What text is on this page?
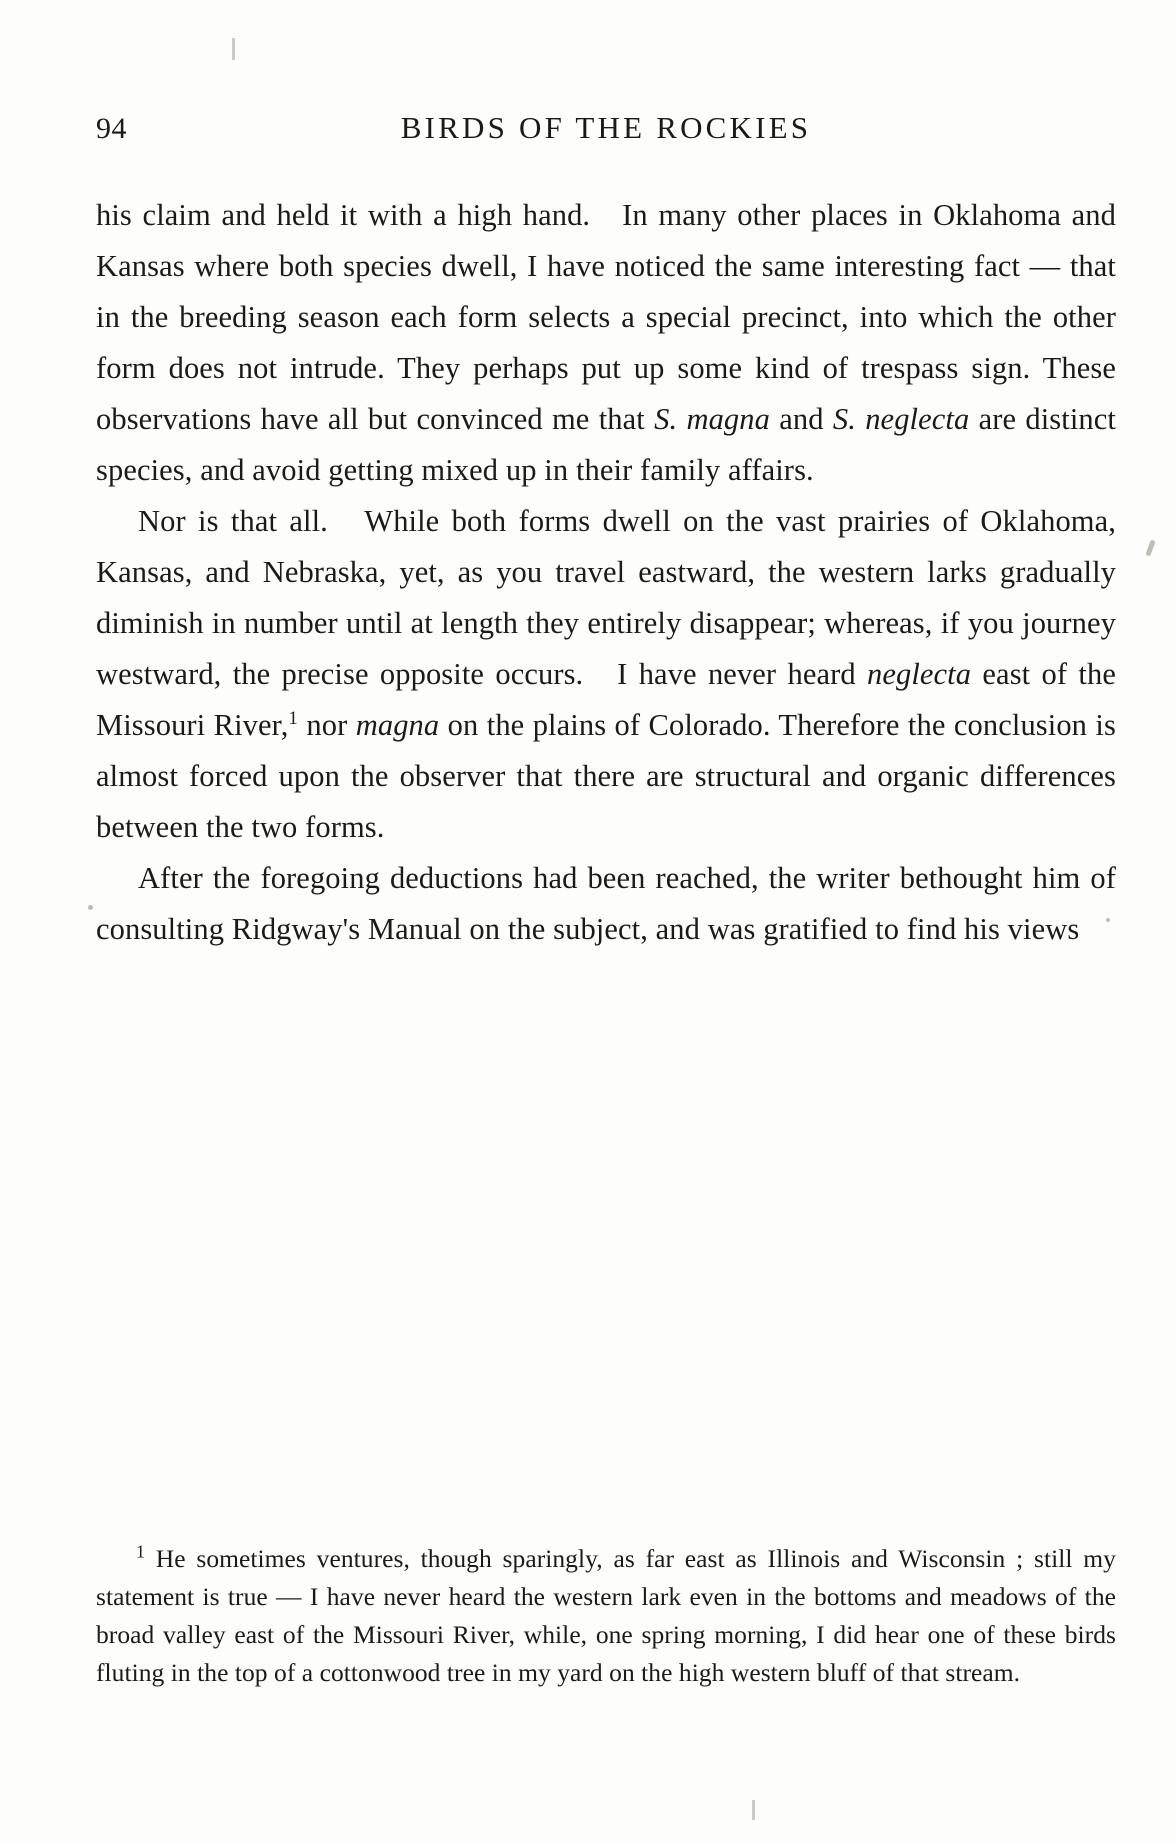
94	BIRDS OF THE ROCKIES

his claim and held it with a high hand.   In many other places in Oklahoma and Kansas where both species dwell, I have noticed the same interesting fact — that in the breeding season each form selects a special precinct, into which the other form does not intrude. They perhaps put up some kind of trespass sign. These observations have all but convinced me that S. magna and S. neglecta are distinct species, and avoid getting mixed up in their family affairs.

Nor is that all.   While both forms dwell on the vast prairies of Oklahoma, Kansas, and Nebraska, yet, as you travel eastward, the western larks gradually diminish in number until at length they entirely disappear; whereas, if you journey westward, the precise opposite occurs.   I have never heard neglecta east of the Missouri River,$^1$ nor magna on the plains of Colorado. Therefore the conclusion is almost forced upon the observer that there are structural and organic differences between the two forms.

After the foregoing deductions had been reached, the writer bethought him of consulting Ridgway's Manual on the subject, and was gratified to find his views

$^1$ He sometimes ventures, though sparingly, as far east as Illinois and Wisconsin ; still my statement is true — I have never heard the western lark even in the bottoms and meadows of the broad valley east of the Missouri River, while, one spring morning, I did hear one of these birds fluting in the top of a cottonwood tree in my yard on the high western bluff of that stream.
